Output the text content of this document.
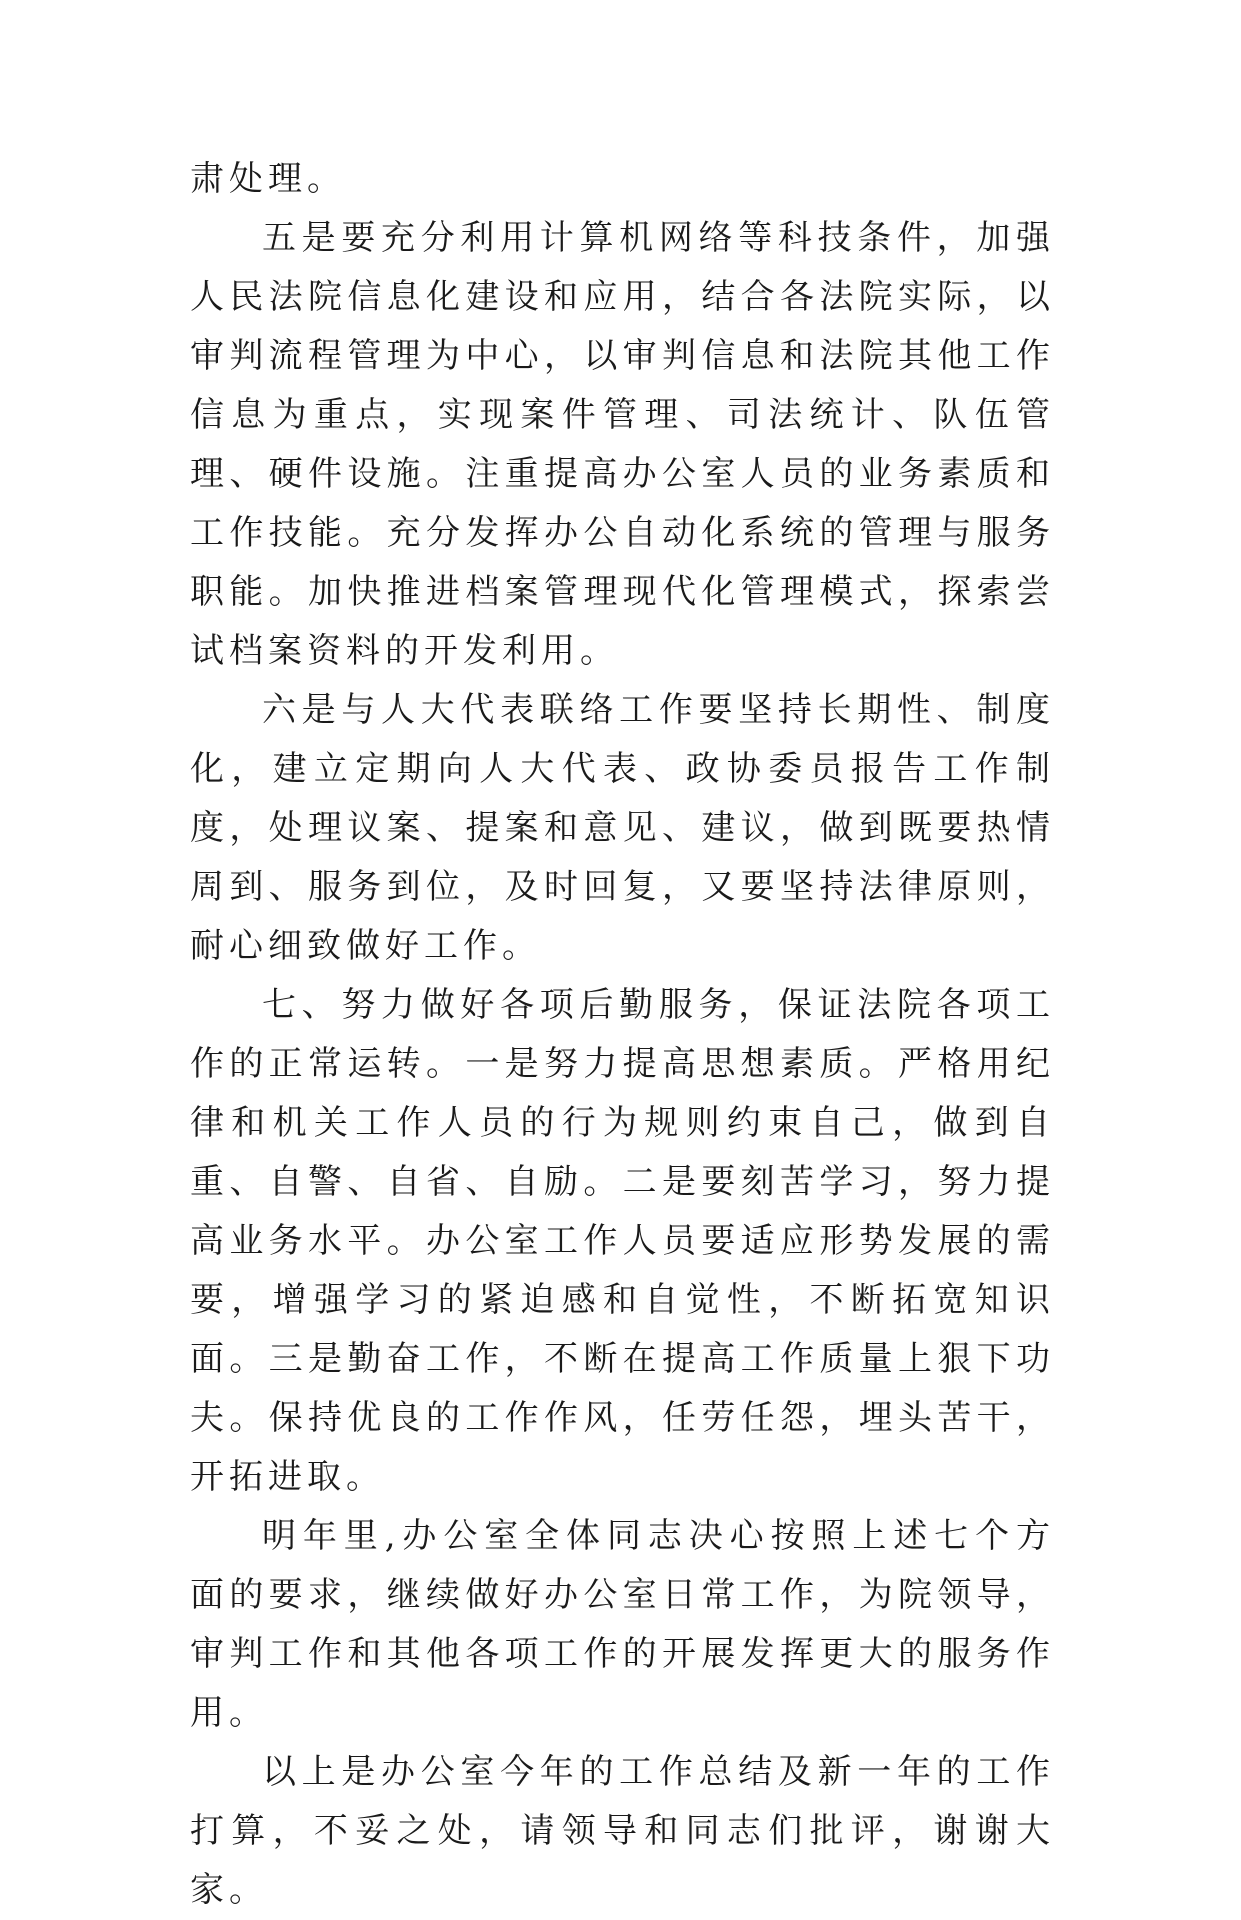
肃处理。

五是要充分利用计算机网络等科技条件，加强人民法院信息化建设和应用，结合各法院实际，以审判流程管理为中心，以审判信息和法院其他工作信息为重点，实现案件管理、司法统计、队伍管理、硬件设施。注重提高办公室人员的业务素质和工作技能。充分发挥办公自动化系统的管理与服务职能。加快推进档案管理现代化管理模式，探索尝试档案资料的开发利用。

六是与人大代表联络工作要坚持长期性、制度化，建立定期向人大代表、政协委员报告工作制度，处理议案、提案和意见、建议，做到既要热情周到、服务到位，及时回复，又要坚持法律原则，耐心细致做好工作。

七、努力做好各项后勤服务，保证法院各项工作的正常运转。一是努力提高思想素质。严格用纪律和机关工作人员的行为规则约束自己，做到自重、自警、自省、自励。二是要刻苦学习，努力提高业务水平。办公室工作人员要适应形势发展的需要，增强学习的紧迫感和自觉性，不断拓宽知识面。三是勤奋工作，不断在提高工作质量上狠下功夫。保持优良的工作作风，任劳任怨，埋头苦干，开拓进取。

明年里,办公室全体同志决心按照上述七个方面的要求，继续做好办公室日常工作，为院领导，审判工作和其他各项工作的开展发挥更大的服务作用。

以上是办公室今年的工作总结及新一年的工作打算，不妥之处，请领导和同志们批评，谢谢大家。
